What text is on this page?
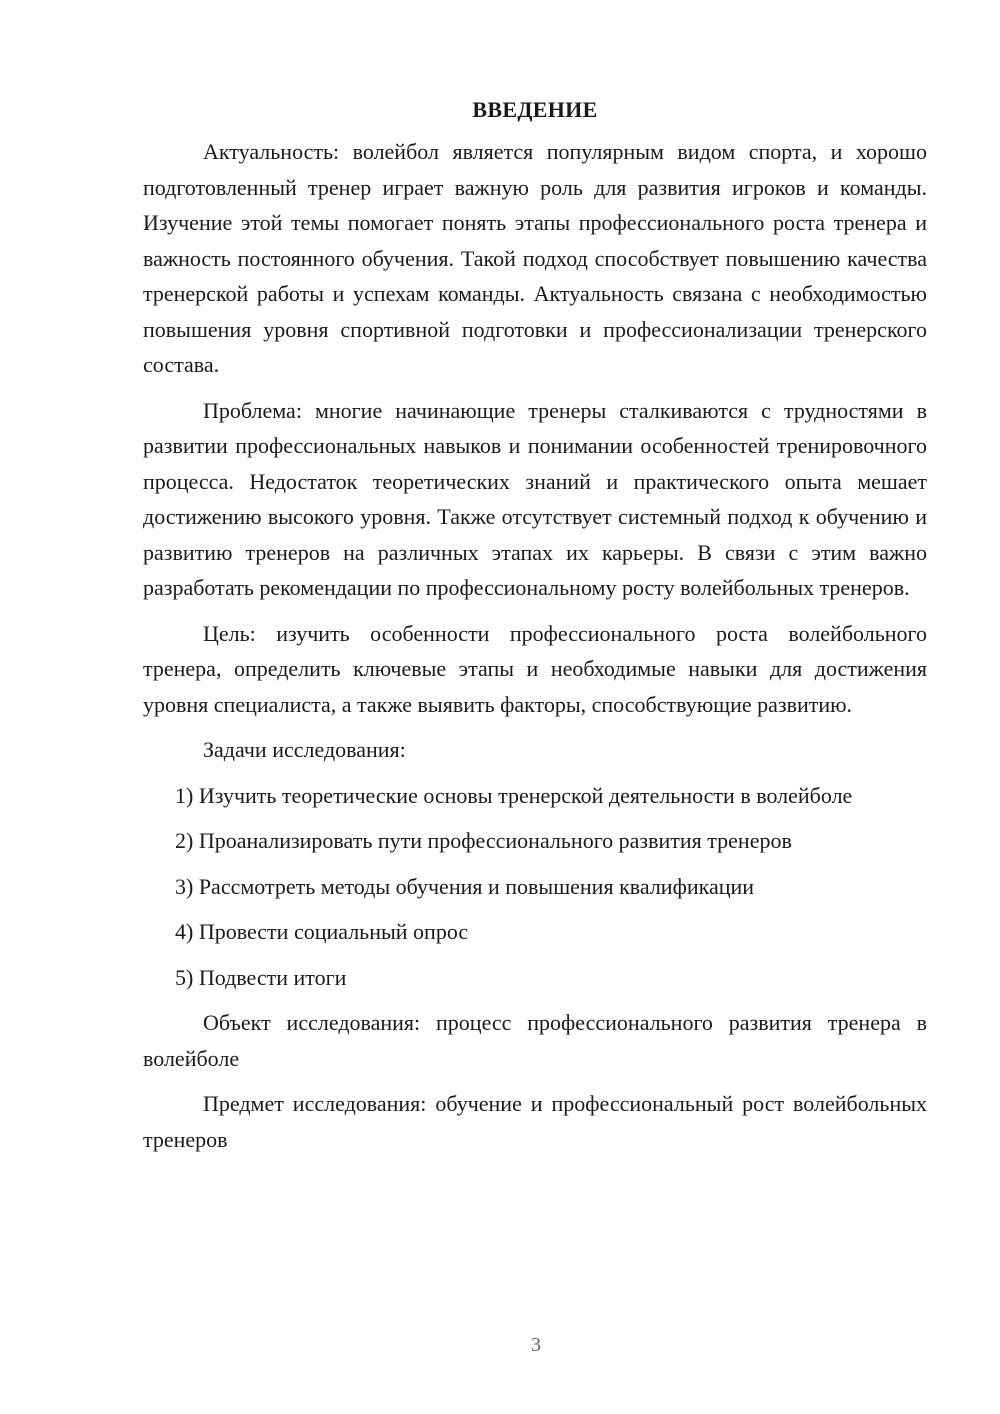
ВВЕДЕНИЕ

Актуальность: волейбол является популярным видом спорта, и хорошо подготовленный тренер играет важную роль для развития игроков и команды. Изучение этой темы помогает понять этапы профессионального роста тренера и важность постоянного обучения. Такой подход способствует повышению качества тренерской работы и успехам команды. Актуальность связана с необходимостью повышения уровня спортивной подготовки и профессионализации тренерского состава.

Проблема: многие начинающие тренеры сталкиваются с трудностями в развитии профессиональных навыков и понимании особенностей тренировочного процесса. Недостаток теоретических знаний и практического опыта мешает достижению высокого уровня. Также отсутствует системный подход к обучению и развитию тренеров на различных этапах их карьеры. В связи с этим важно разработать рекомендации по профессиональному росту волейбольных тренеров.

Цель: изучить особенности профессионального роста волейбольного тренера, определить ключевые этапы и необходимые навыки для достижения уровня специалиста, а также выявить факторы, способствующие развитию.

Задачи исследования:

1) Изучить теоретические основы тренерской деятельности в волейболе

2) Проанализировать пути профессионального развития тренеров

3) Рассмотреть методы обучения и повышения квалификации

4) Провести социальный опрос

5) Подвести итоги

Объект исследования: процесс профессионального развития тренера в волейболе

Предмет исследования: обучение и профессиональный рост волейбольных тренеров

3
